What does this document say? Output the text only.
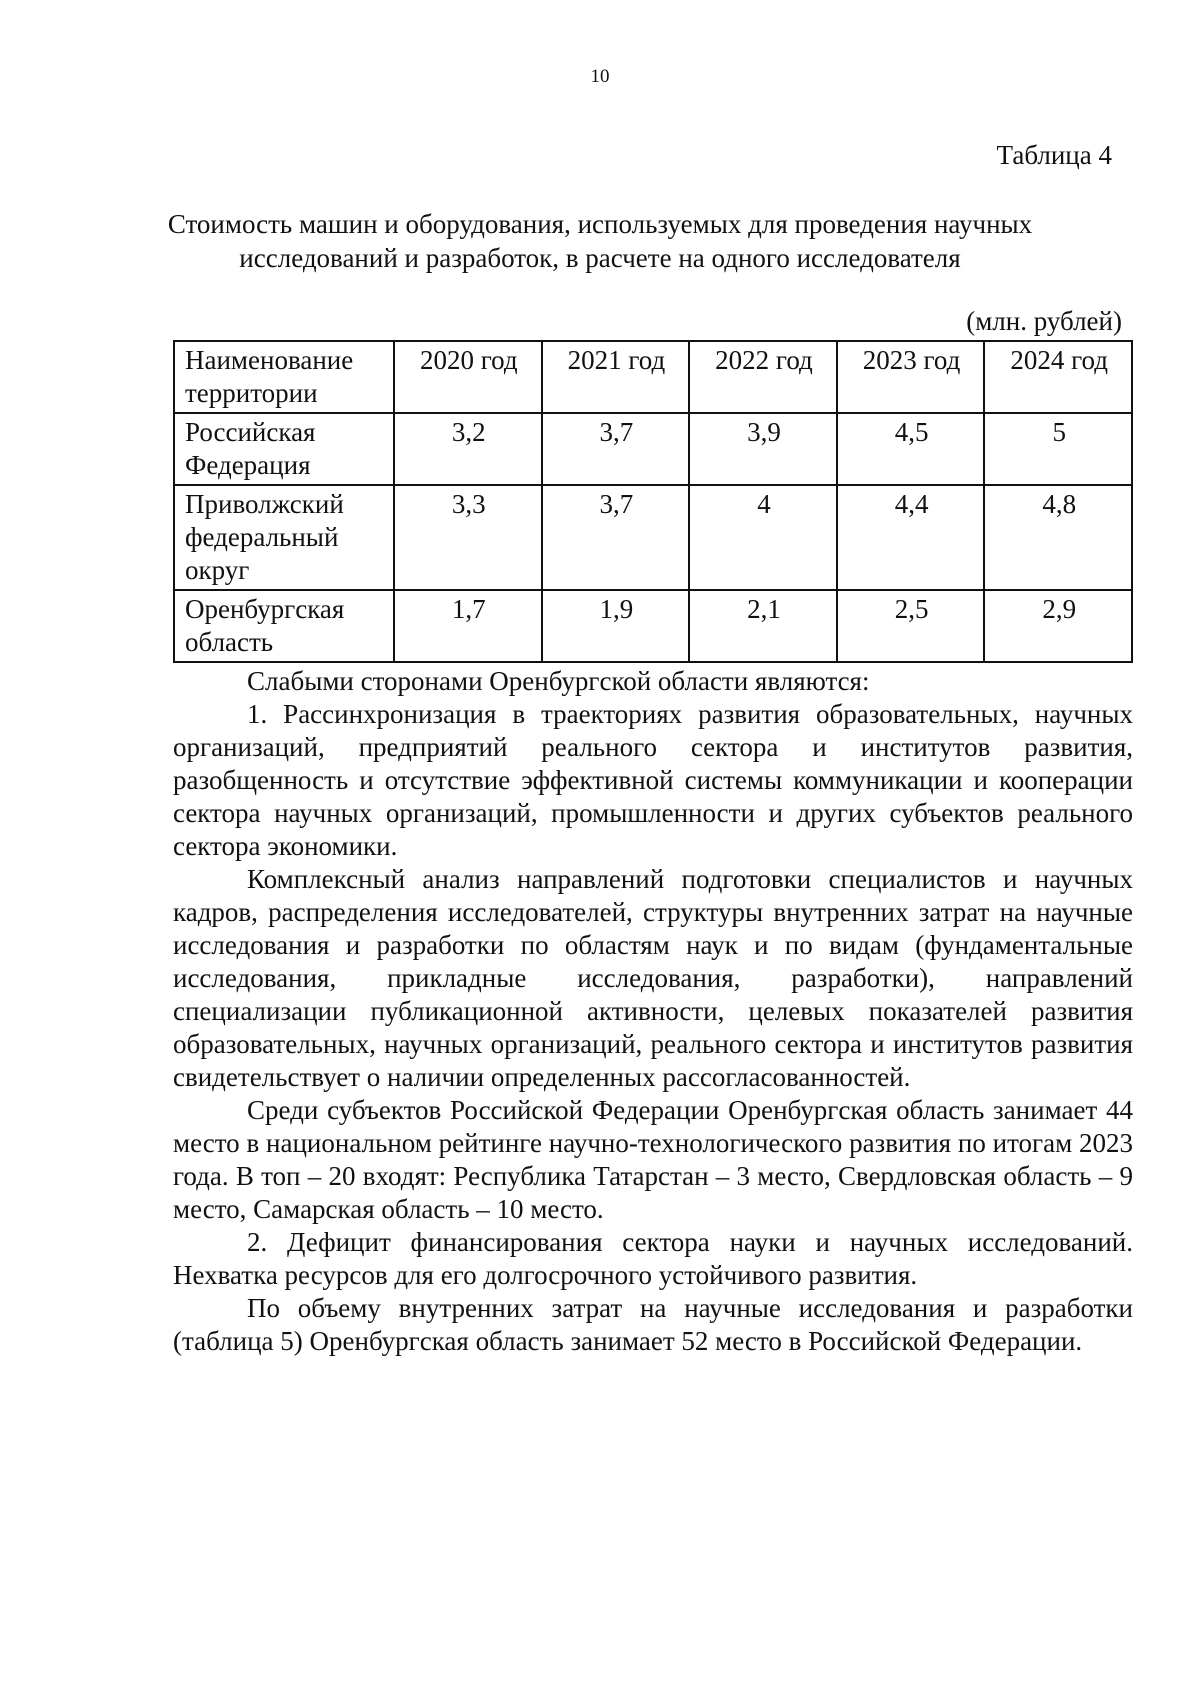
10
Таблица 4
Стоимость машин и оборудования, используемых для проведения научных исследований и разработок, в расчете на одного исследователя
(млн. рублей)
Наименование территории	2020 год	2021 год	2022 год	2023 год	2024 год
Российская Федерация	3,2	3,7	3,9	4,5	5
Приволжский федеральный округ	3,3	3,7	4	4,4	4,8
Оренбургская область	1,7	1,9	2,1	2,5	2,9

Слабыми сторонами Оренбургской области являются:

1. Рассинхронизация в траекториях развития образовательных, научных организаций, предприятий реального сектора и институтов развития, разобщенность и отсутствие эффективной системы коммуникации и кооперации сектора научных организаций, промышленности и других субъектов реального сектора экономики.

Комплексный анализ направлений подготовки специалистов и научных кадров, распределения исследователей, структуры внутренних затрат на научные исследования и разработки по областям наук и по видам (фундаментальные исследования, прикладные исследования, разработки), направлений специализации публикационной активности, целевых показателей развития образовательных, научных организаций, реального сектора и институтов развития свидетельствует о наличии определенных рассогласованностей.

Среди субъектов Российской Федерации Оренбургская область занимает 44 место в национальном рейтинге научно-технологического развития по итогам 2023 года. В топ – 20 входят: Республика Татарстан – 3 место, Свердловская область – 9 место, Самарская область – 10 место.

2. Дефицит финансирования сектора науки и научных исследований. Нехватка ресурсов для его долгосрочного устойчивого развития.

По объему внутренних затрат на научные исследования и разработки (таблица 5) Оренбургская область занимает 52 место в Российской Федерации.
